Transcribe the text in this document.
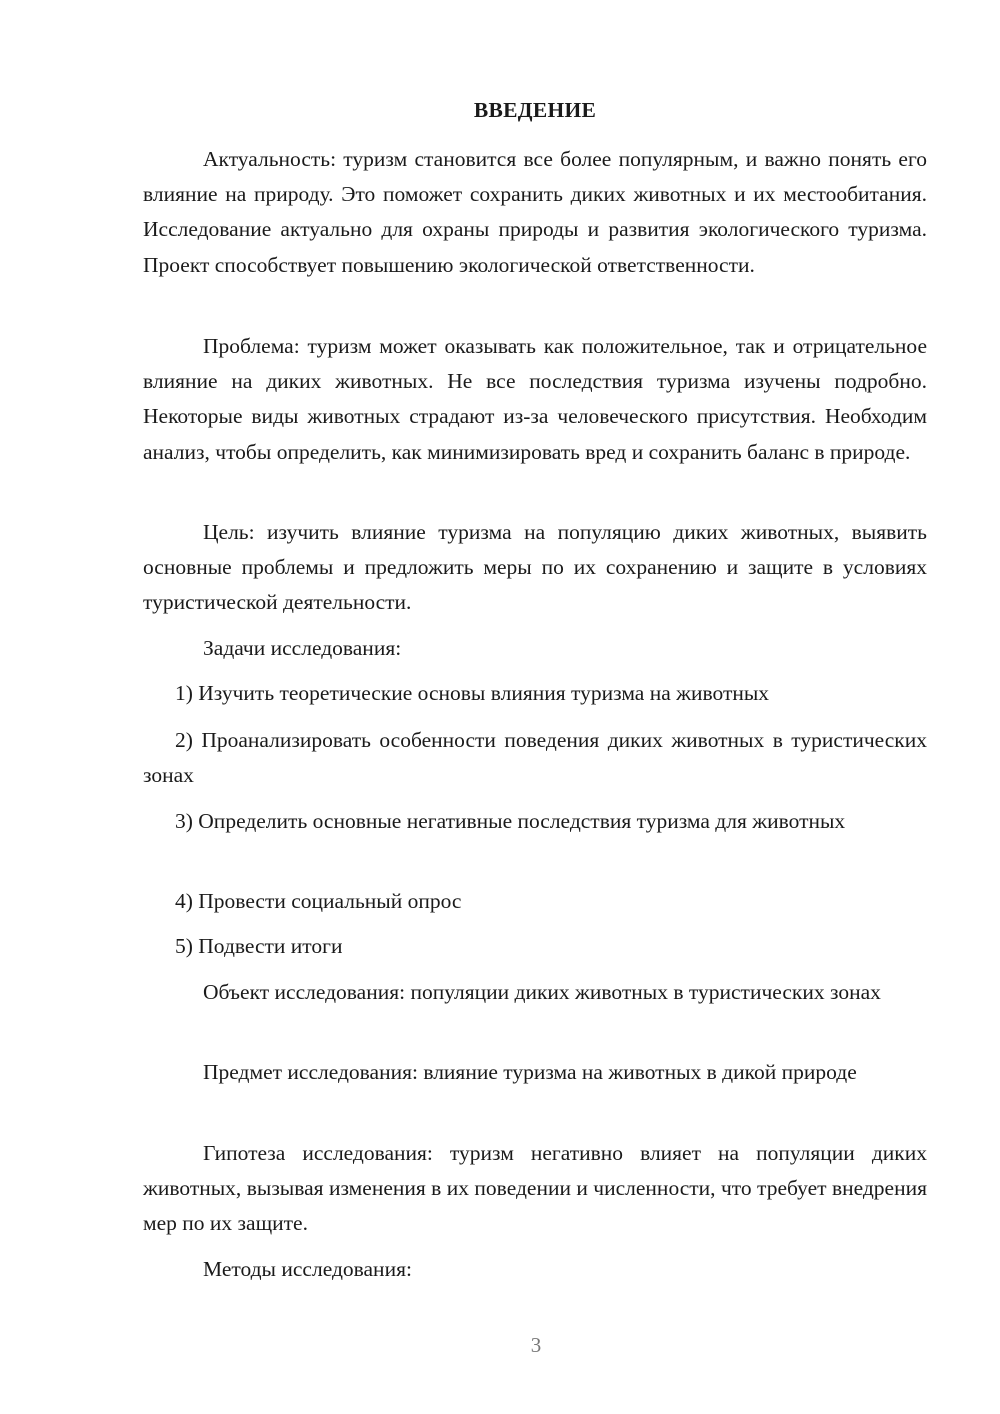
ВВЕДЕНИЕ

Актуальность: туризм становится все более популярным, и важно понять его влияние на природу. Это поможет сохранить диких животных и их местообитания. Исследование актуально для охраны природы и развития экологического туризма. Проект способствует повышению экологической ответственности.

Проблема: туризм может оказывать как положительное, так и отрицательное влияние на диких животных. Не все последствия туризма изучены подробно. Некоторые виды животных страдают из-за человеческого присутствия. Необходим анализ, чтобы определить, как минимизировать вред и сохранить баланс в природе.

Цель: изучить влияние туризма на популяцию диких животных, выявить основные проблемы и предложить меры по их сохранению и защите в условиях туристической деятельности.

Задачи исследования:

1) Изучить теоретические основы влияния туризма на животных

2) Проанализировать особенности поведения диких животных в туристических зонах

3) Определить основные негативные последствия туризма для животных

4) Провести социальный опрос

5) Подвести итоги

Объект исследования: популяции диких животных в туристических зонах

Предмет исследования: влияние туризма на животных в дикой природе

Гипотеза исследования: туризм негативно влияет на популяции диких животных, вызывая изменения в их поведении и численности, что требует внедрения мер по их защите.

Методы исследования:

3
